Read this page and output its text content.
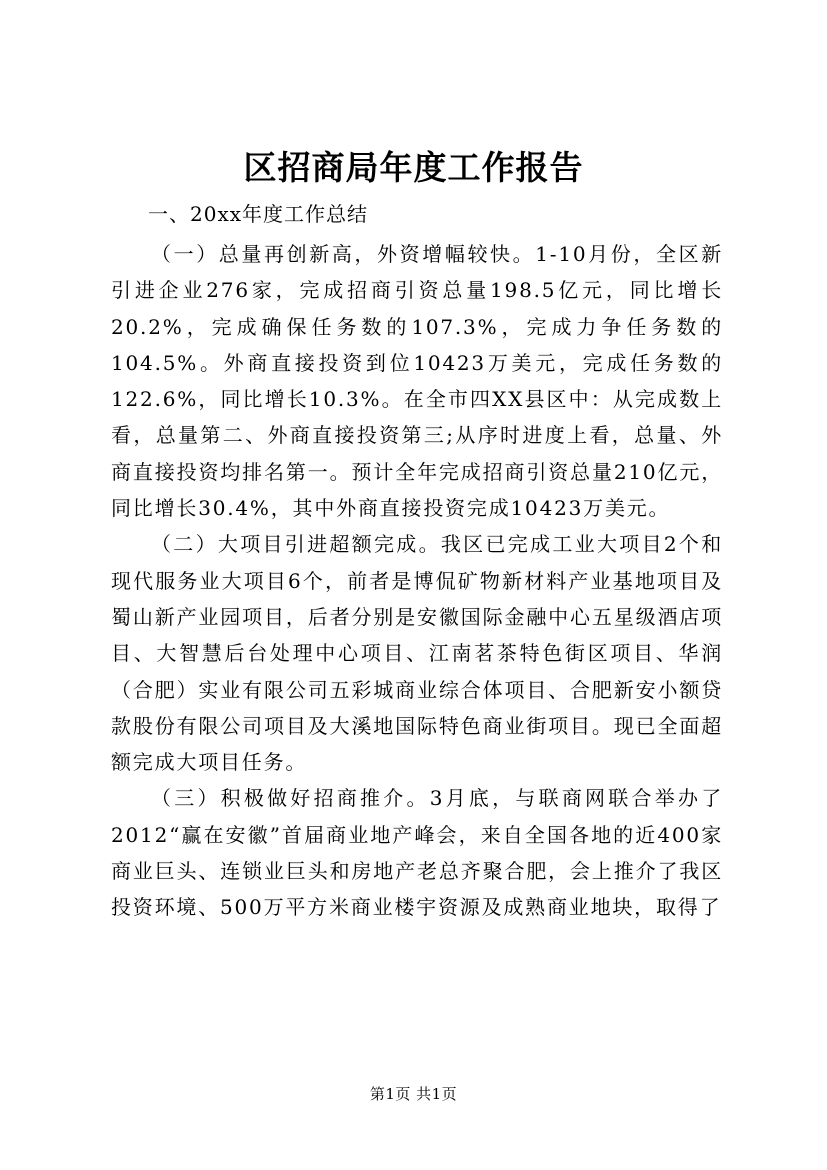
区招商局年度工作报告
一、20xx年度工作总结

（一）总量再创新高，外资增幅较快。1-10月份，全区新引进企业276家，完成招商引资总量198.5亿元，同比增长20.2%，完成确保任务数的107.3%，完成力争任务数的104.5%。外商直接投资到位10423万美元，完成任务数的122.6%，同比增长10.3%。在全市四XX县区中：从完成数上看，总量第二、外商直接投资第三;从序时进度上看，总量、外商直接投资均排名第一。预计全年完成招商引资总量210亿元，同比增长30.4%，其中外商直接投资完成10423万美元。

（二）大项目引进超额完成。我区已完成工业大项目2个和现代服务业大项目6个，前者是博侃矿物新材料产业基地项目及蜀山新产业园项目，后者分别是安徽国际金融中心五星级酒店项目、大智慧后台处理中心项目、江南茗茶特色街区项目、华润（合肥）实业有限公司五彩城商业综合体项目、合肥新安小额贷款股份有限公司项目及大溪地国际特色商业街项目。现已全面超额完成大项目任务。

（三）积极做好招商推介。3月底，与联商网联合举办了2012“赢在安徽”首届商业地产峰会，来自全国各地的近400家商业巨头、连锁业巨头和房地产老总齐聚合肥，会上推介了我区投资环境、500万平方米商业楼宇资源及成熟商业地块，取得了

第1页 共1页
